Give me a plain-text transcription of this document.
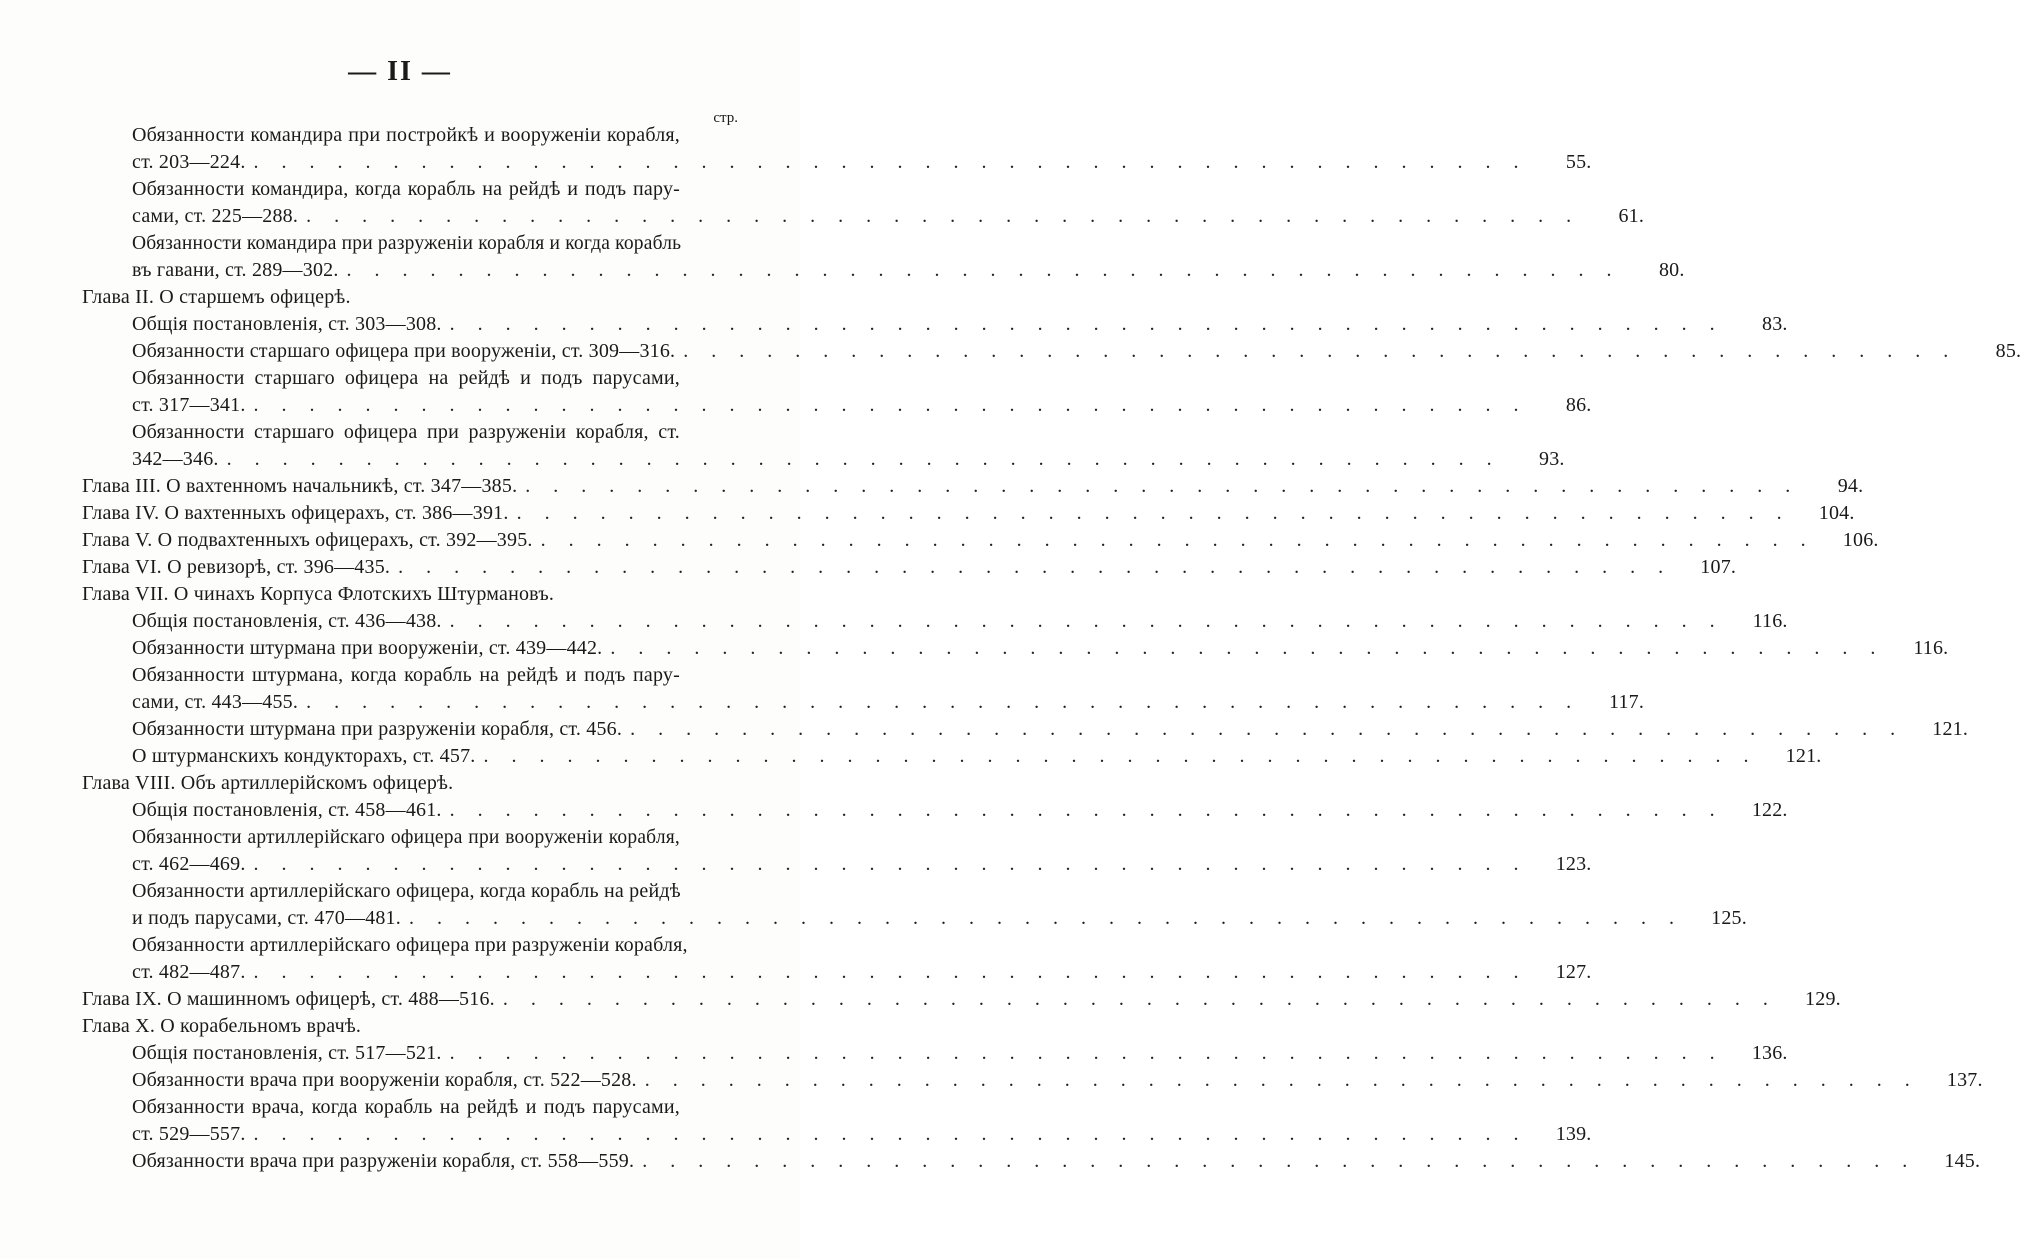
— II —
стр.
Обязанности командира при постройкѣ и вооруженіи корабля,
ст. 203—224. . . . . . . . . . . . . . . . . . . . . . . . . . . . . . . . . . . . . . . . . . . . . . .	55.
Обязанности командира, когда корабль на рейдѣ и подъ пару-
сами, ст. 225—288. . . . . . . . . . . . . . . . . . . . . . . . . . . . . . . . . . . . . . . . . . . . . . .	61.
Обязанности командира при разруженіи корабля и когда корабль
въ гавани, ст. 289—302. . . . . . . . . . . . . . . . . . . . . . . . . . . . . . . . . . . . . . . . . . . . . . .	80.
Глава II. О старшемъ офицерѣ.
Общія постановленія, ст. 303—308. . . . . . . . . . . . . . . . . . . . . . . . . . . . . . . . . . . . . . . . . . . . . . .	83.
Обязанности старшаго офицера при вооруженіи, ст. 309—316. . . . . . . . . . . . . . . . . . . . . . . . . . . . . . . . . . . . . . . . . . . . . . .	85.
Обязанности старшаго офицера на рейдѣ и подъ парусами,
ст. 317—341. . . . . . . . . . . . . . . . . . . . . . . . . . . . . . . . . . . . . . . . . . . . . . .	86.
Обязанности старшаго офицера при разруженіи корабля, ст.
342—346. . . . . . . . . . . . . . . . . . . . . . . . . . . . . . . . . . . . . . . . . . . . . . .	93.
Глава III. О вахтенномъ начальникѣ, ст. 347—385. . . . . . . . . . . . . . . . . . . . . . . . . . . . . . . . . . . . . . . . . . . . . . .	94.
Глава IV. О вахтенныхъ офицерахъ, ст. 386—391. . . . . . . . . . . . . . . . . . . . . . . . . . . . . . . . . . . . . . . . . . . . . . .	104.
Глава V. О подвахтенныхъ офицерахъ, ст. 392—395. . . . . . . . . . . . . . . . . . . . . . . . . . . . . . . . . . . . . . . . . . . . . . .	106.
Глава VI. О ревизорѣ, ст. 396—435. . . . . . . . . . . . . . . . . . . . . . . . . . . . . . . . . . . . . . . . . . . . . . .	107.
Глава VII. О чинахъ Корпуса Флотскихъ Штурмановъ.
Общія постановленія, ст. 436—438. . . . . . . . . . . . . . . . . . . . . . . . . . . . . . . . . . . . . . . . . . . . . . .	116.
Обязанности штурмана при вооруженіи, ст. 439—442. . . . . . . . . . . . . . . . . . . . . . . . . . . . . . . . . . . . . . . . . . . . . . .	116.
Обязанности штурмана, когда корабль на рейдѣ и подъ пару-
сами, ст. 443—455. . . . . . . . . . . . . . . . . . . . . . . . . . . . . . . . . . . . . . . . . . . . . . .	117.
Обязанности штурмана при разруженіи корабля, ст. 456. . . . . . . . . . . . . . . . . . . . . . . . . . . . . . . . . . . . . . . . . . . . . . .	121.
О штурманскихъ кондукторахъ, ст. 457. . . . . . . . . . . . . . . . . . . . . . . . . . . . . . . . . . . . . . . . . . . . . . .	121.
Глава VIII. Объ артиллерійскомъ офицерѣ.
Общія постановленія, ст. 458—461. . . . . . . . . . . . . . . . . . . . . . . . . . . . . . . . . . . . . . . . . . . . . . .	122.
Обязанности артиллерійскаго офицера при вооруженіи корабля,
ст. 462—469. . . . . . . . . . . . . . . . . . . . . . . . . . . . . . . . . . . . . . . . . . . . . . .	123.
Обязанности артиллерійскаго офицера, когда корабль на рейдѣ
и подъ парусами, ст. 470—481. . . . . . . . . . . . . . . . . . . . . . . . . . . . . . . . . . . . . . . . . . . . . . .	125.
Обязанности артиллерійскаго офицера при разруженіи корабля,
ст. 482—487. . . . . . . . . . . . . . . . . . . . . . . . . . . . . . . . . . . . . . . . . . . . . . .	127.
Глава IX. О машинномъ офицерѣ, ст. 488—516. . . . . . . . . . . . . . . . . . . . . . . . . . . . . . . . . . . . . . . . . . . . . . .	129.
Глава X. О корабельномъ врачѣ.
Общія постановленія, ст. 517—521. . . . . . . . . . . . . . . . . . . . . . . . . . . . . . . . . . . . . . . . . . . . . . .	136.
Обязанности врача при вооруженіи корабля, ст. 522—528. . . . . . . . . . . . . . . . . . . . . . . . . . . . . . . . . . . . . . . . . . . . . . .	137.
Обязанности врача, когда корабль на рейдѣ и подъ парусами,
ст. 529—557. . . . . . . . . . . . . . . . . . . . . . . . . . . . . . . . . . . . . . . . . . . . . . .	139.
Обязанности врача при разруженіи корабля, ст. 558—559. . . . . . . . . . . . . . . . . . . . . . . . . . . . . . . . . . . . . . . . . . . . . . .	145.
